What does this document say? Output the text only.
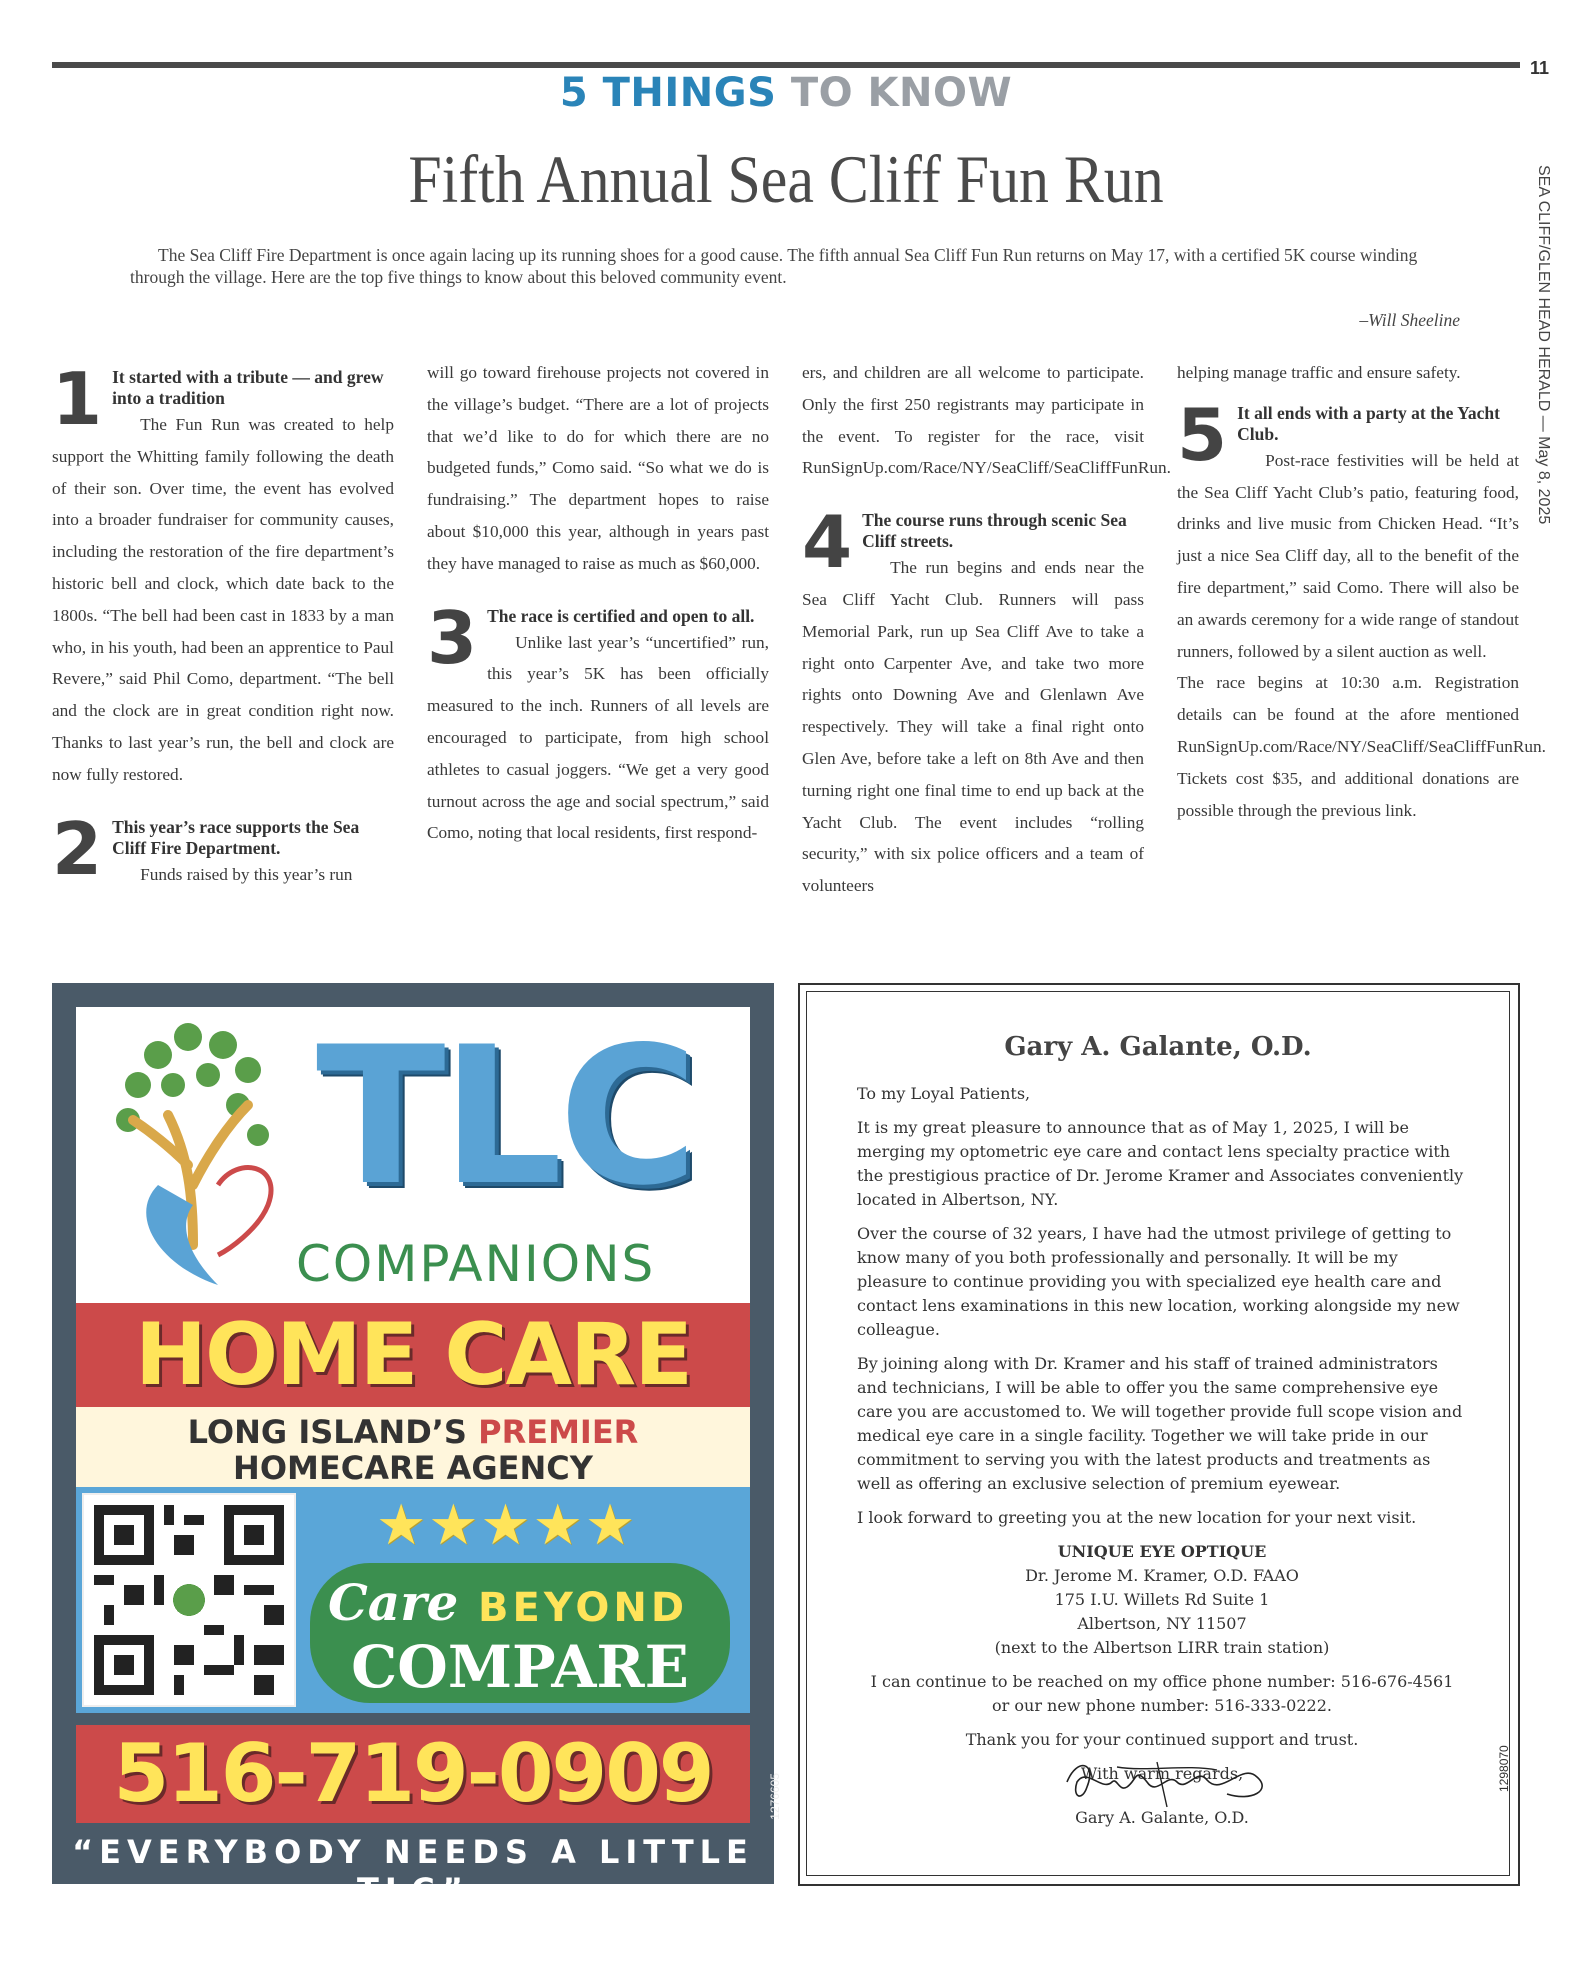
11
5 THINGS TO KNOW
Fifth Annual Sea Cliff Fun Run
The Sea Cliff Fire Department is once again lacing up its running shoes for a good cause. The fifth annual Sea Cliff Fun Run returns on May 17, with a certified 5K course winding through the village. Here are the top five things to know about this beloved community event.
–Will Sheeline	SEA CLIFF/GLEN HEAD HERALD — May 8, 2025
1 It started with a tribute — and grew into a tradition

The Fun Run was created to help support the Whitting family following the death of their son. Over time, the event has evolved into a broader fundraiser for community causes, including the restoration of the fire department’s historic bell and clock, which date back to the 1800s. “The bell had been cast in 1833 by a man who, in his youth, had been an apprentice to Paul Revere,” said Phil Como, department. “The bell and the clock are in great condition right now. Thanks to last year’s run, the bell and clock are now fully restored.

2 This year’s race supports the Sea Cliff Fire Department.

Funds raised by this year’s run

will go toward firehouse projects not covered in the village’s budget. “There are a lot of projects that we’d like to do for which there are no budgeted funds,” Como said. “So what we do is fundraising.” The department hopes to raise about $10,000 this year, although in years past they have managed to raise as much as $60,000.

3 The race is certified and open to all.

Unlike last year’s “uncertified” run, this year’s 5K has been officially measured to the inch. Runners of all levels are encouraged to participate, from high school athletes to casual joggers. “We get a very good turnout across the age and social spectrum,” said Como, noting that local residents, first respond-

ers, and children are all welcome to participate. Only the first 250 registrants may participate in the event. To register for the race, visit RunSignUp.com/Race/NY/SeaCliff/SeaCliffFunRun.

4 The course runs through scenic Sea Cliff streets.

The run begins and ends near the Sea Cliff Yacht Club. Runners will pass Memorial Park, run up Sea Cliff Ave to take a right onto Carpenter Ave, and take two more rights onto Downing Ave and Glenlawn Ave respectively. They will take a final right onto Glen Ave, before take a left on 8th Ave and then turning right one final time to end up back at the Yacht Club. The event includes “rolling security,” with six police officers and a team of volunteers

helping manage traffic and ensure safety.

5 It all ends with a party at the Yacht Club.

Post-race festivities will be held at the Sea Cliff Yacht Club’s patio, featuring food, drinks and live music from Chicken Head. “It’s just a nice Sea Cliff day, all to the benefit of the fire department,” said Como. There will also be an awards ceremony for a wide range of standout runners, followed by a silent auction as well.

The race begins at 10:30 a.m. Registration details can be found at the afore mentioned RunSignUp.com/Race/NY/SeaCliff/SeaCliffFunRun. Tickets cost $35, and additional donations are possible through the previous link.

TLC
COMPANIONS
HOME CARE
LONG ISLAND’S PREMIER
HOMECARE AGENCY
★★★★★
Care BEYOND
COMPARE
516-719-0909
“EVERYBODY NEEDS A LITTLE TLC”
1276605
Gary A. Galante, O.D.

To my Loyal Patients,

It is my great pleasure to announce that as of May 1, 2025, I will be merging my optometric eye care and contact lens specialty practice with the prestigious practice of Dr. Jerome Kramer and Associates conveniently located in Albertson, NY.

Over the course of 32 years, I have had the utmost privilege of getting to know many of you both professionally and personally. It will be my pleasure to continue providing you with specialized eye health care and contact lens examinations in this new location, working alongside my new colleague.

By joining along with Dr. Kramer and his staff of trained administrators and technicians, I will be able to offer you the same comprehensive eye care you are accustomed to. We will together provide full scope vision and medical eye care in a single facility. Together we will take pride in our commitment to serving you with the latest products and treatments as well as offering an exclusive selection of premium eyewear.

I look forward to greeting you at the new location for your next visit.

UNIQUE EYE OPTIQUE
Dr. Jerome M. Kramer, O.D. FAAO
175 I.U. Willets Rd Suite 1
Albertson, NY 11507
(next to the Albertson LIRR train station)
I can continue to be reached on my office phone number: 516-676-4561
or our new phone number: 516-333-0222.
Thank you for your continued support and trust.
With warm regards,
Gary A. Galante, O.D.
1298070
